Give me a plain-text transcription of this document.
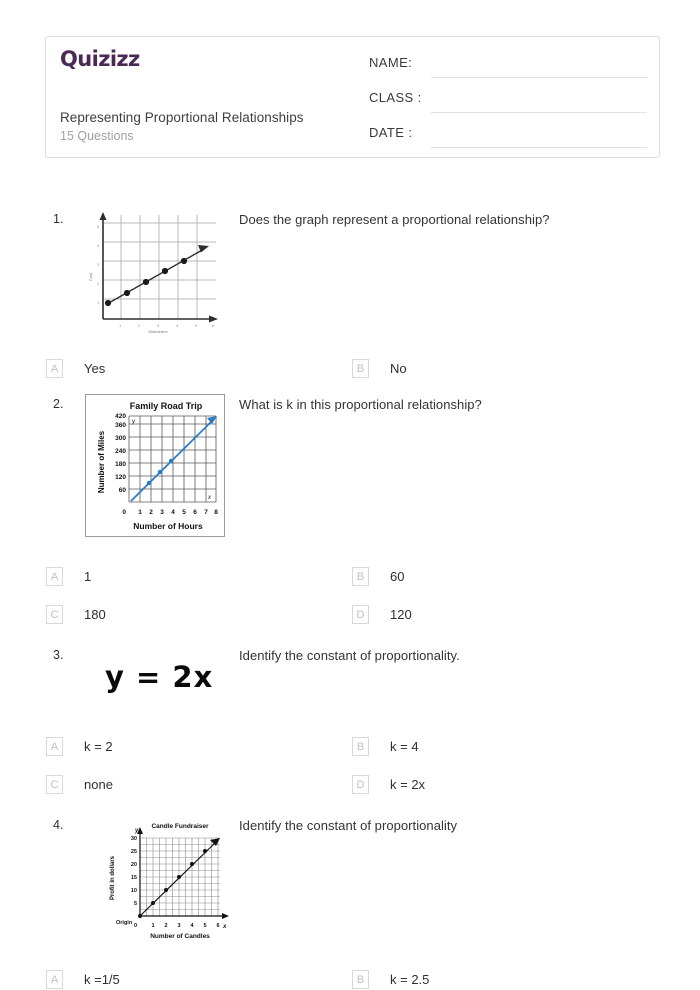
Quizizz
Representing Proportional Relationships
15 Questions
NAME:
CLASS :
DATE :
1.	Does the graph represent a proportional relationship?
1
2
3
4
5
1	2	3	4	5	6
Cost
Kilometers
A	Yes	B	No
2.	What is k in this proportional relationship?
Family Road Trip
y
x
420
360
300
240
180
120
60
0 1 2 3 4 5 6 7 8
Number of Miles
Number of Hours
A	1	B	60
C	180	D	120
3.	Identify the constant of proportionality.
y = 2x
A	k = 2	B	k = 4
C	none	D	k = 2x
4.	Identify the constant of proportionality
Candle Fundraiser
y
x
30
25
20
15
10
5
0	1 2 3 4 5 6
Origin
Profit in dollars
Number of Candles
A	k =1/5	B	k = 2.5
